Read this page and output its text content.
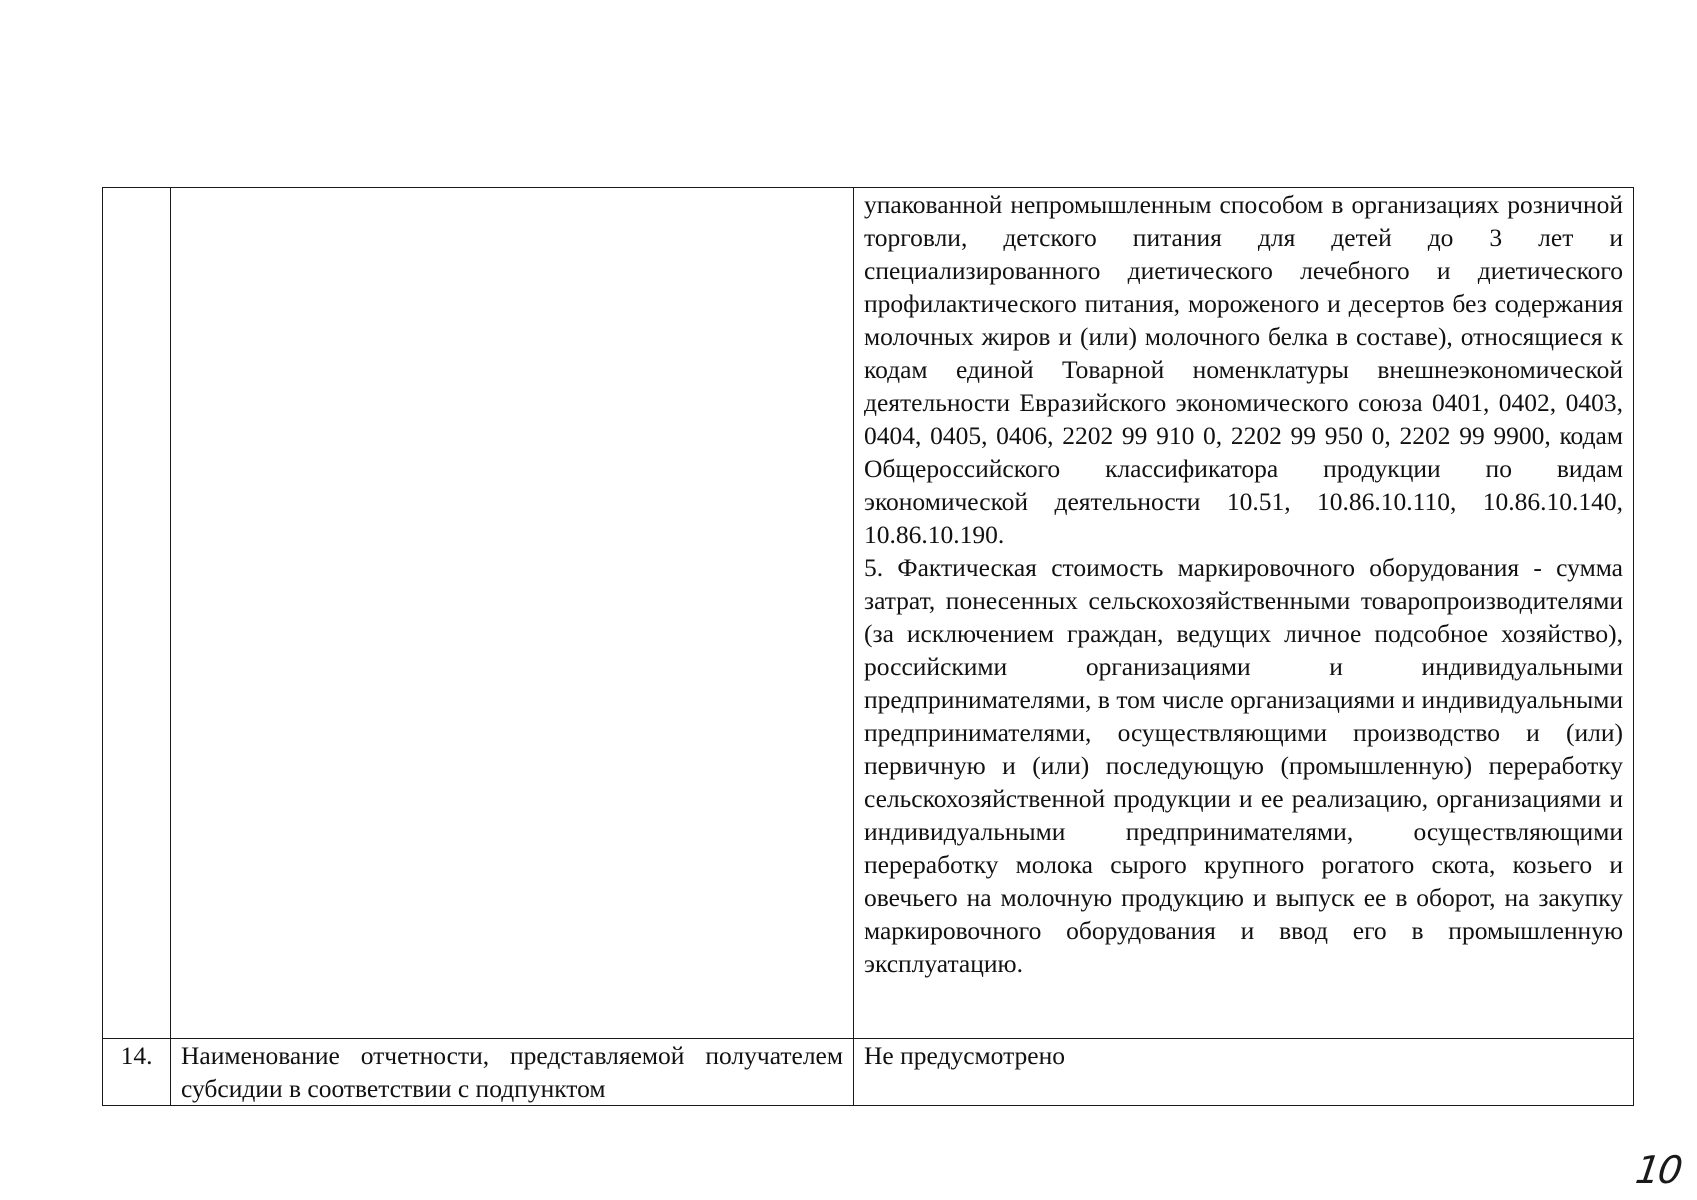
		упакованной непромышленным способом в организациях розничной торговли, детского питания для детей до 3 лет и специализированного диетического лечебного и диетического профилактического питания, мороженого и десертов без содержания молочных жиров и (или) молочного белка в составе), относящиеся к кодам единой Товарной номенклатуры внешнеэкономической деятельности Евразийского экономического союза 0401, 0402, 0403, 0404, 0405, 0406, 2202 99 910 0, 2202 99 950 0, 2202 99 9900, кодам Общероссийского классификатора продукции по видам экономической деятельности 10.51, 10.86.10.110, 10.86.10.140, 10.86.10.190.
5. Фактическая стоимость маркировочного оборудования - сумма затрат, понесенных сельскохозяйственными товаропроизводителями (за исключением граждан, ведущих личное подсобное хозяйство), российскими организациями и индивидуальными предпринимателями, в том числе организациями и индивидуальными предпринимателями, осуществляющими производство и (или) первичную и (или) последующую (промышленную) переработку сельскохозяйственной продукции и ее реализацию, организациями и индивидуальными предпринимателями, осуществляющими переработку молока сырого крупного рогатого скота, козьего и овечьего на молочную продукцию и выпуск ее в оборот, на закупку маркировочного оборудования и ввод его в промышленную эксплуатацию.

14.	Наименование отчетности, представляемой получателем субсидии в соответствии с подпунктом	Не предусмотрено
10
